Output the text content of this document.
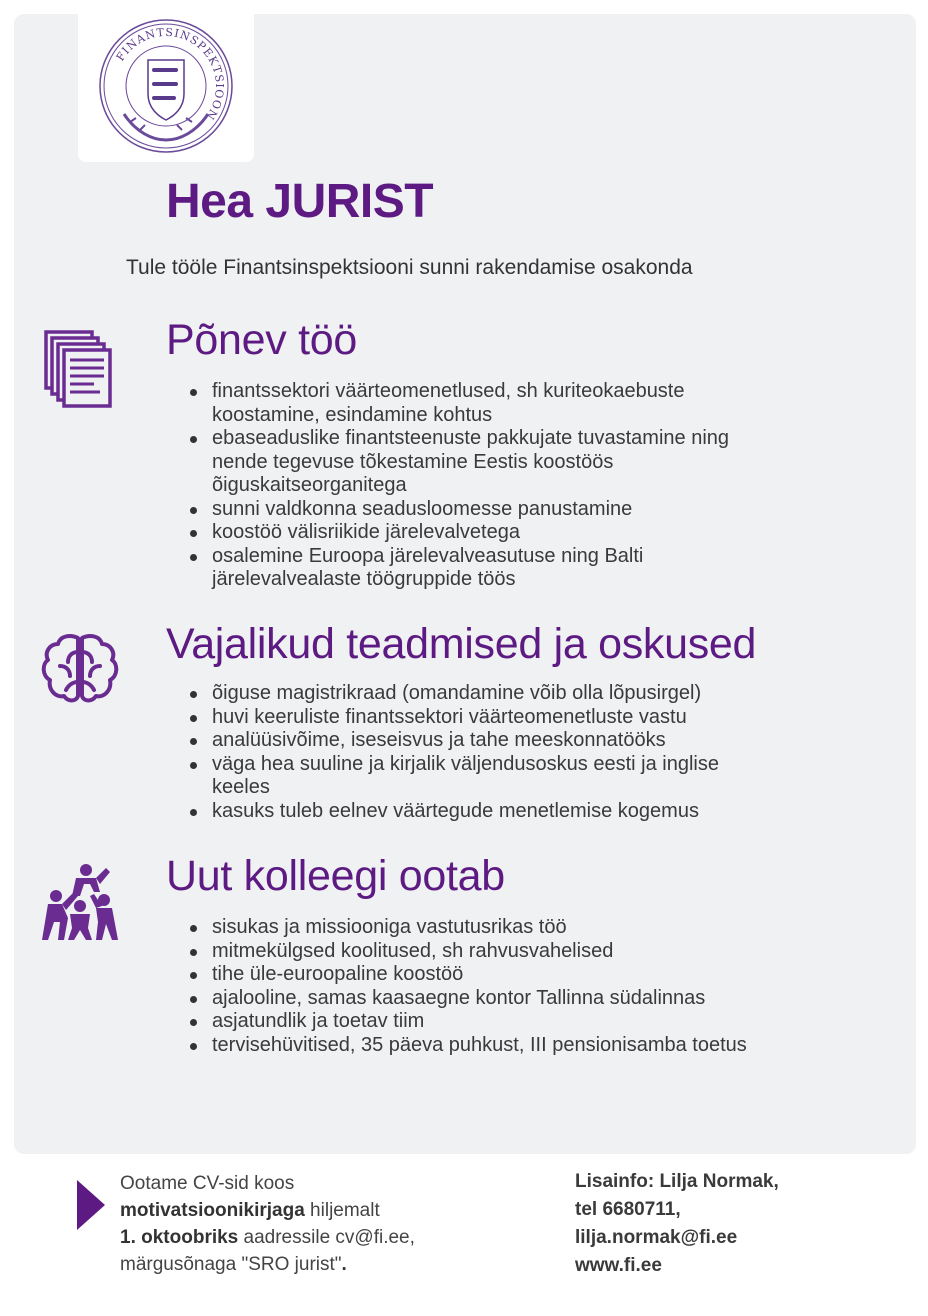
FINANTSINSPEKTSIOON
Hea JURIST
Tule tööle Finantsinspektsiooni sunni rakendamise osakonda
Põnev töö
finantssektori väärteomenetlused, sh kuriteokaebuste koostamine, esindamine kohtus
ebaseaduslike finantsteenuste pakkujate tuvastamine ning nende tegevuse tõkestamine Eestis koostöös õiguskaitseorganitega
sunni valdkonna seadusloomesse panustamine
koostöö välisriikide järelevalvetega
osalemine Euroopa järelevalveasutuse ning Balti järelevalvealaste töögruppide töös
Vajalikud teadmised ja oskused
õiguse magistrikraad (omandamine võib olla lõpusirgel)
huvi keeruliste finantssektori väärteomenetluste vastu
analüüsivõime, iseseisvus ja tahe meeskonnatööks
väga hea suuline ja kirjalik väljendusoskus eesti ja inglise keeles
kasuks tuleb eelnev väärtegude menetlemise kogemus
Uut kolleegi ootab
sisukas ja missiooniga vastutusrikas töö
mitmekülgsed koolitused, sh rahvusvahelised
tihe üle-euroopaline koostöö
ajalooline, samas kaasaegne kontor Tallinna südalinnas
asjatundlik ja toetav tiim
tervisehüvitised, 35 päeva puhkust, III pensionisamba toetus
Ootame CV-sid koos motivatsioonikirjaga hiljemalt
1. oktoobriks aadressile cv@fi.ee, märgusõnaga "SRO jurist".
Lisainfo: Lilja Normak,
tel 6680711,
lilja.normak@fi.ee
www.fi.ee
